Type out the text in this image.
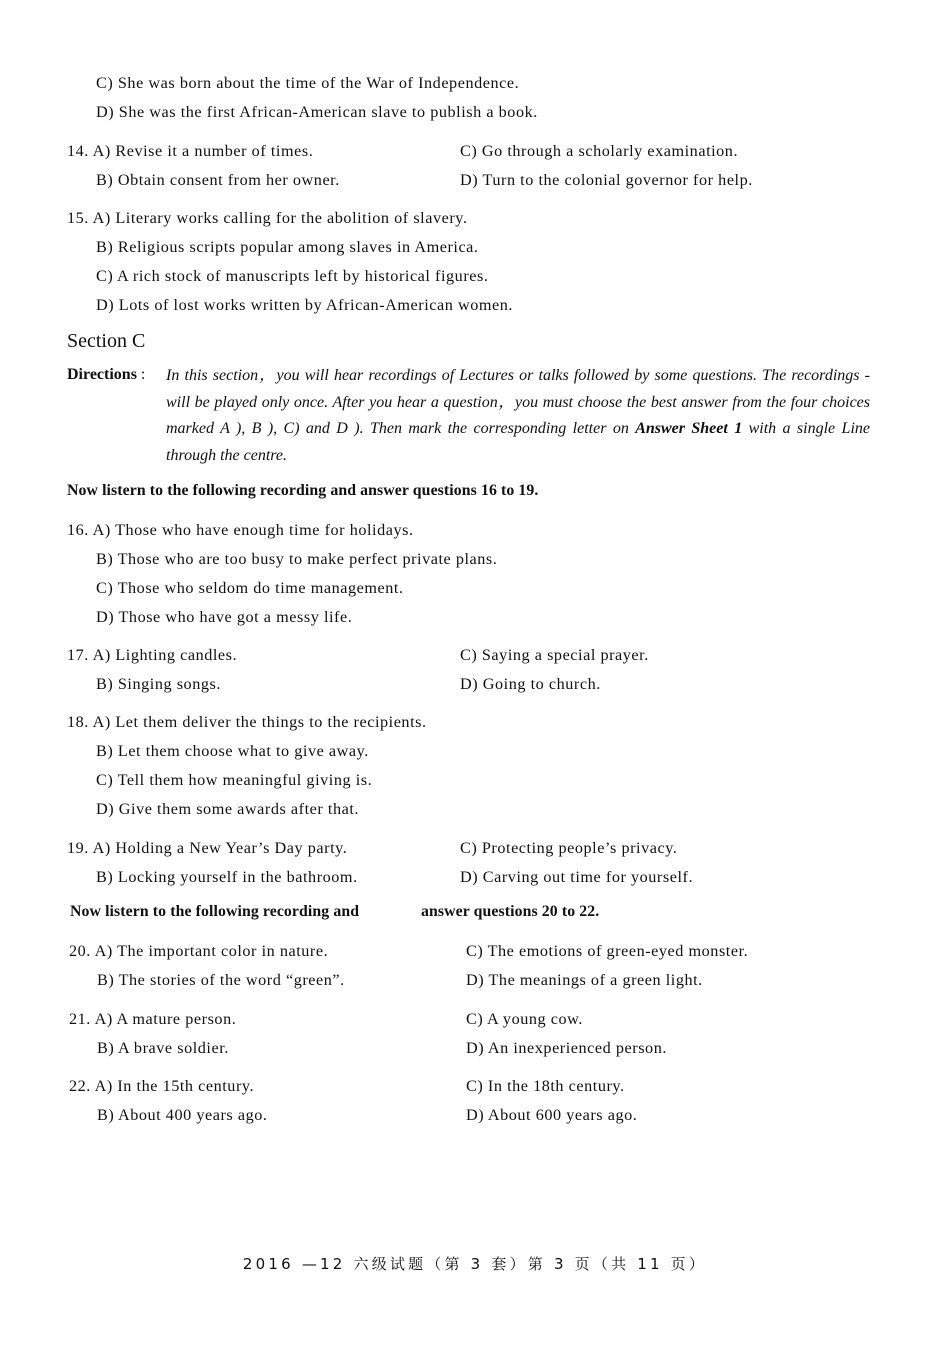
C) She was born about the time of the War of Independence.
D) She was the first African-American slave to publish a book.
14. A) Revise it a number of times.	C) Go through a scholarly examination.
B) Obtain consent from her owner.	D) Turn to the colonial governor for help.
15. A) Literary works calling for the abolition of slavery.
B) Religious scripts popular among slaves in America.
C) A rich stock of manuscripts left by historical figures.
D) Lots of lost works written by African-American women.
Section C
Directions : In this section，you will hear recordings of Lectures or talks followed by some questions. The recordings -will be played only once. After you hear a question，you must choose the best answer from the four choices marked A ), B ), C) and D ). Then mark the corresponding letter on Answer Sheet 1 with a single Line through the centre.
Now listern to the following recording and answer questions 16 to 19.
16. A) Those who have enough time for holidays.
B) Those who are too busy to make perfect private plans.
C) Those who seldom do time management.
D) Those who have got a messy life.
17. A) Lighting candles.	C) Saying a special prayer.
B) Singing songs.	D) Going to church.
18. A) Let them deliver the things to the recipients.
B) Let them choose what to give away.
C) Tell them how meaningful giving is.
D) Give them some awards after that.
19. A) Holding a New Year’s Day party.	C) Protecting people’s privacy.
B) Locking yourself in the bathroom.	D) Carving out time for yourself.
Now listern to the following recording and	answer questions 20 to 22.
20. A) The important color in nature.	C) The emotions of green-eyed monster.
B) The stories of the word “green”.	D) The meanings of a green light.
21. A) A mature person.	C) A young cow.
B) A brave soldier.	D) An inexperienced person.
22. A) In the 15th century.	C) In the 18th century.
B) About 400 years ago.	D) About 600 years ago.
2016 —12 六级试题（第 3 套）第 3 页（共 11 页）
